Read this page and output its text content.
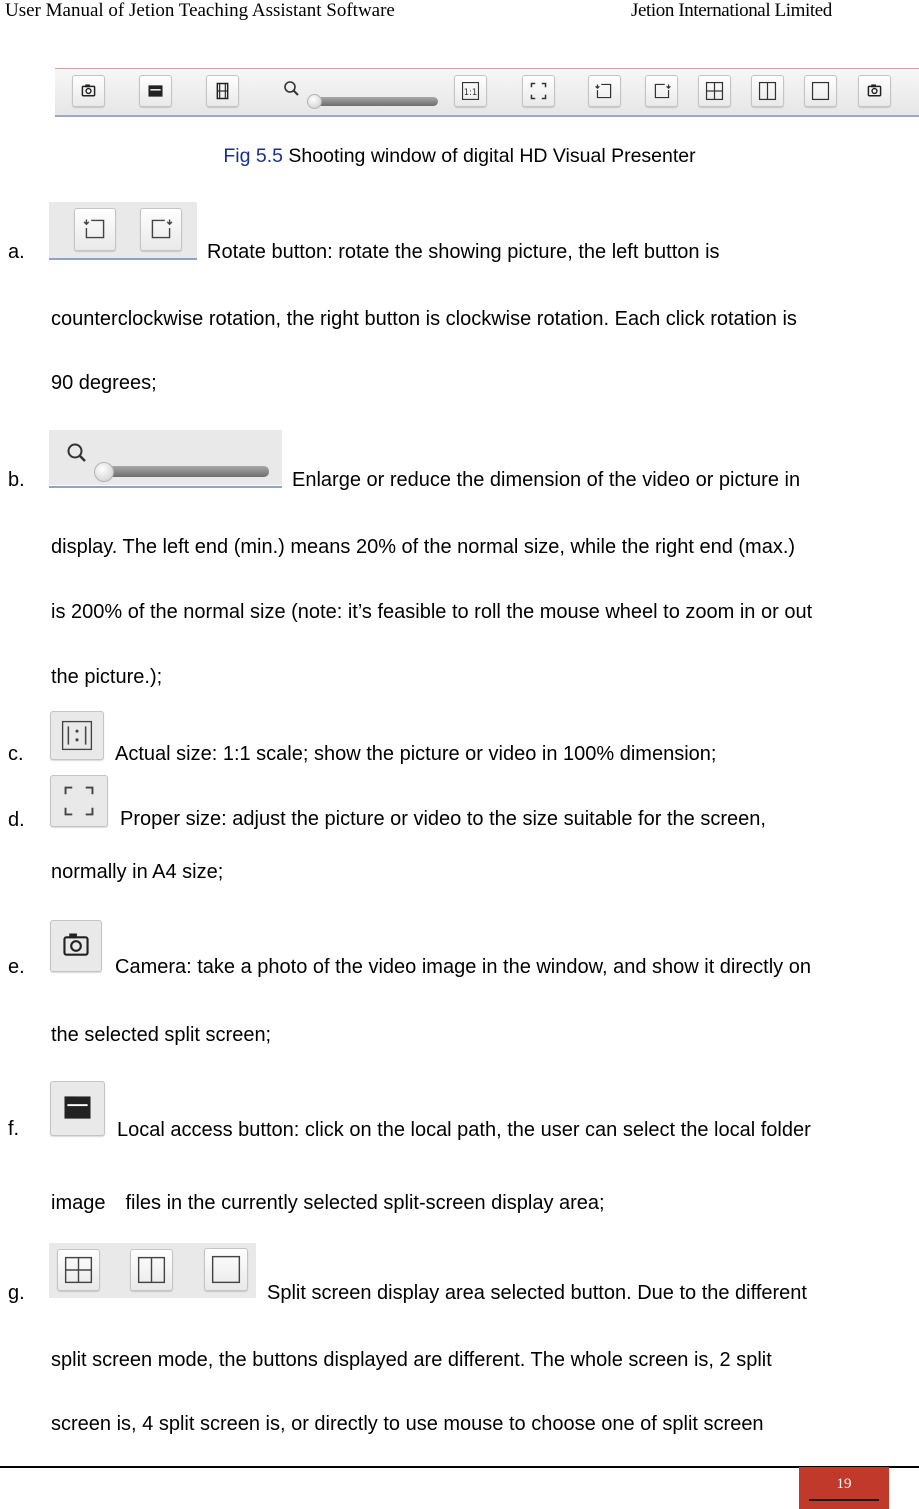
User Manual of Jetion Teaching Assistant Software	Jetion International Limited
1:1
Fig 5.5 Shooting window of digital HD Visual Presenter
a.	Rotate button: rotate the showing picture, the left button is
counterclockwise rotation, the right button is clockwise rotation. Each click rotation is
90 degrees;
b.	Enlarge or reduce the dimension of the video or picture in
display. The left end (min.) means 20% of the normal size, while the right end (max.)
is 200% of the normal size (note: it’s feasible to roll the mouse wheel to zoom in or out
the picture.);
c.	Actual size: 1:1 scale; show the picture or video in 100% dimension;
d.	Proper size: adjust the picture or video to the size suitable for the screen,
normally in A4 size;
e.	Camera: take a photo of the video image in the window, and show it directly on
the selected split screen;
f.	Local access button: click on the local path, the user can select the local folder
image　files in the currently selected split-screen display area;
g.	Split screen display area selected button. Due to the different
split screen mode, the buttons displayed are different. The whole screen is, 2 split
screen is, 4 split screen is, or directly to use mouse to choose one of split screen
19
